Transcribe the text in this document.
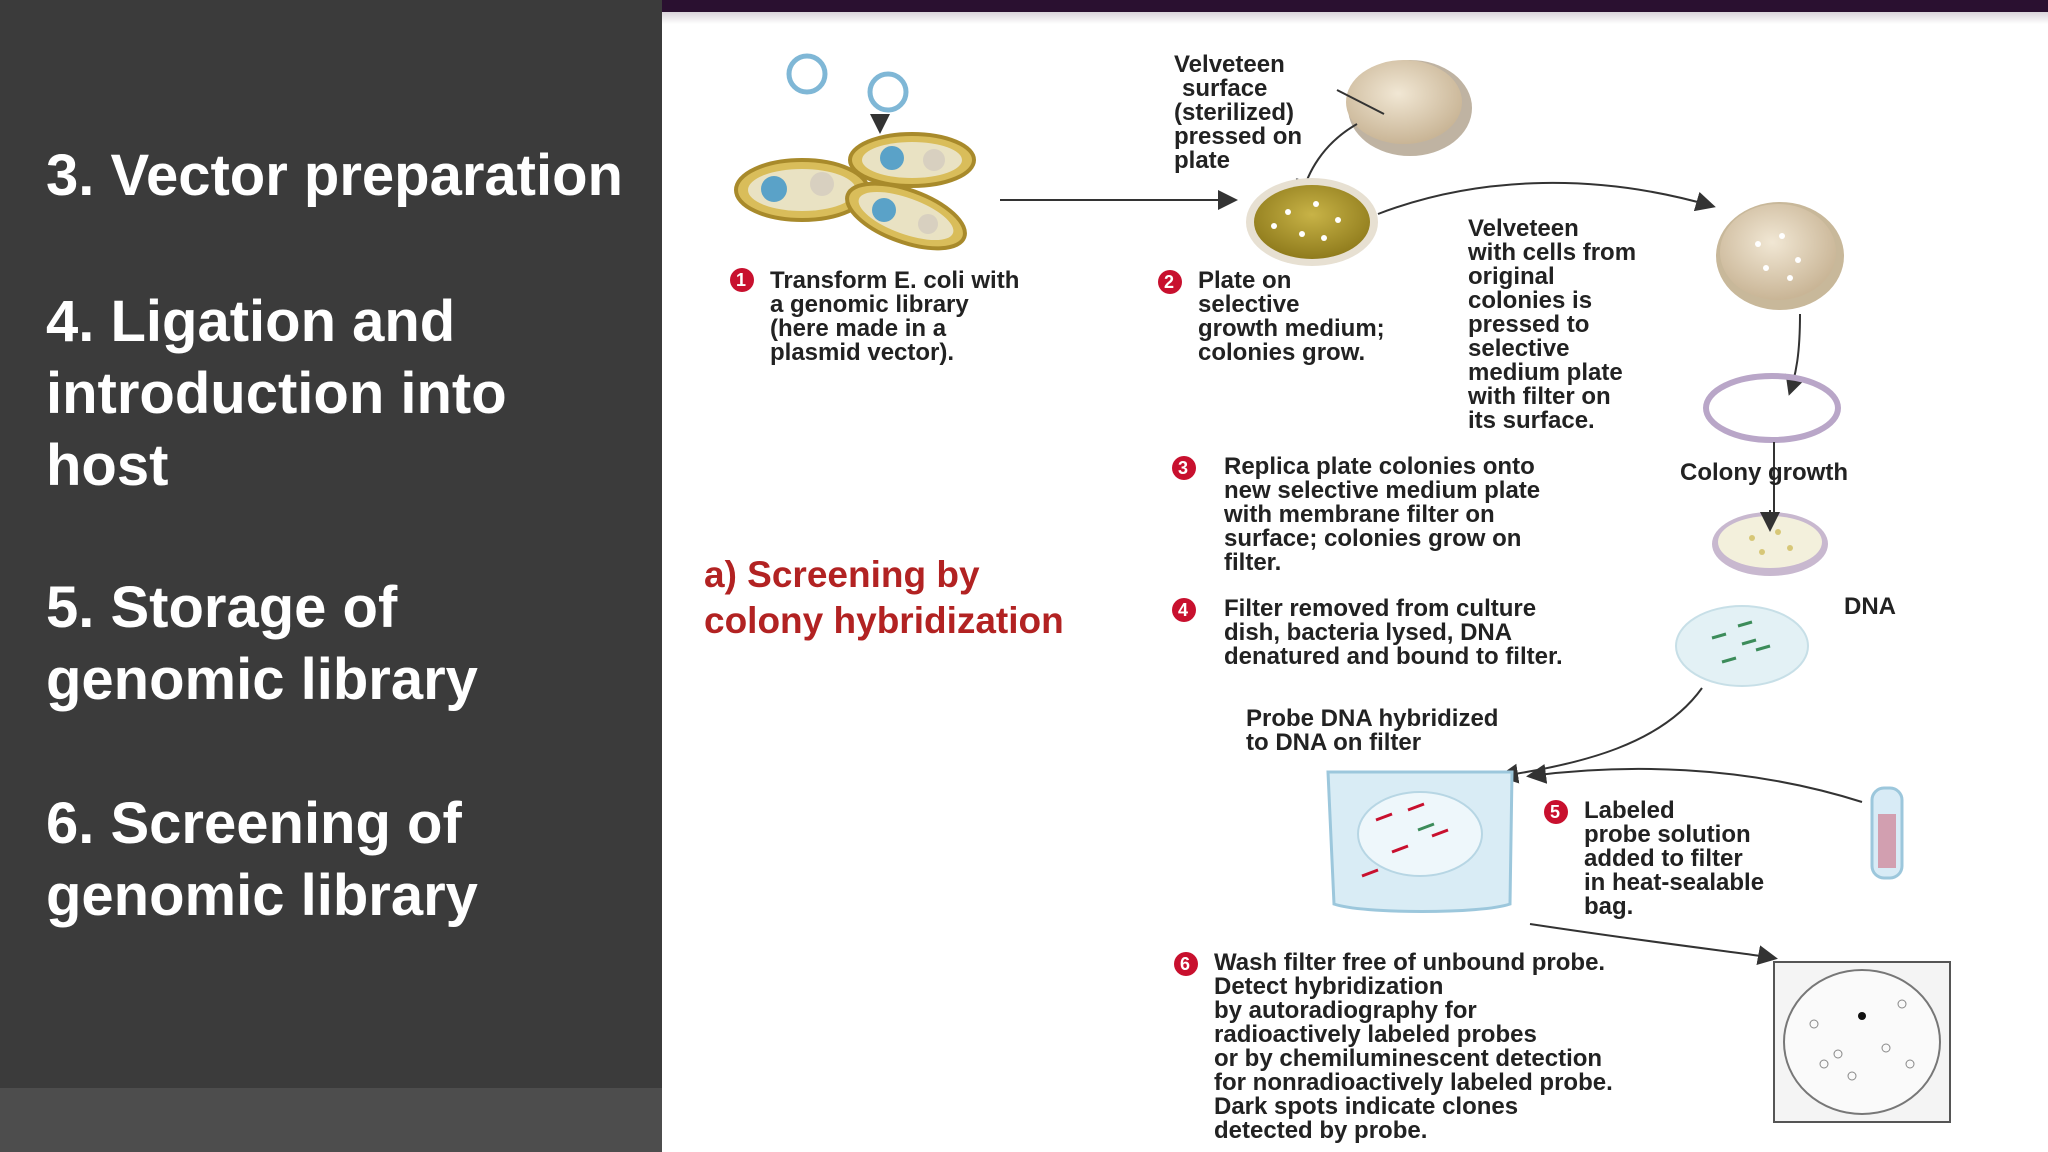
3. Vector preparation
4. Ligation and
introduction into
host
5. Storage of
genomic library
6. Screening of
genomic library
a) Screening by
colony hybridization
Velveteen
surface
(sterilized)
pressed on
plate
Velveteen
with cells from
original
colonies is
pressed to
selective
medium plate
with filter on
its surface.
Colony growth
DNA
Probe DNA hybridized
to DNA on filter
1 Transform E. coli with
a genomic library
(here made in a
plasmid vector).
2 Plate on
selective
growth medium;
colonies grow.
3 Replica plate colonies onto
new selective medium plate
with membrane filter on
surface; colonies grow on
filter.
4 Filter removed from culture
dish, bacteria lysed, DNA
denatured and bound to filter.
5 Labeled
probe solution
added to filter
in heat-sealable
bag.
6 Wash filter free of unbound probe.
Detect hybridization
by autoradiography for
radioactively labeled probes
or by chemiluminescent detection
for nonradioactively labeled probe.
Dark spots indicate clones
detected by probe.
